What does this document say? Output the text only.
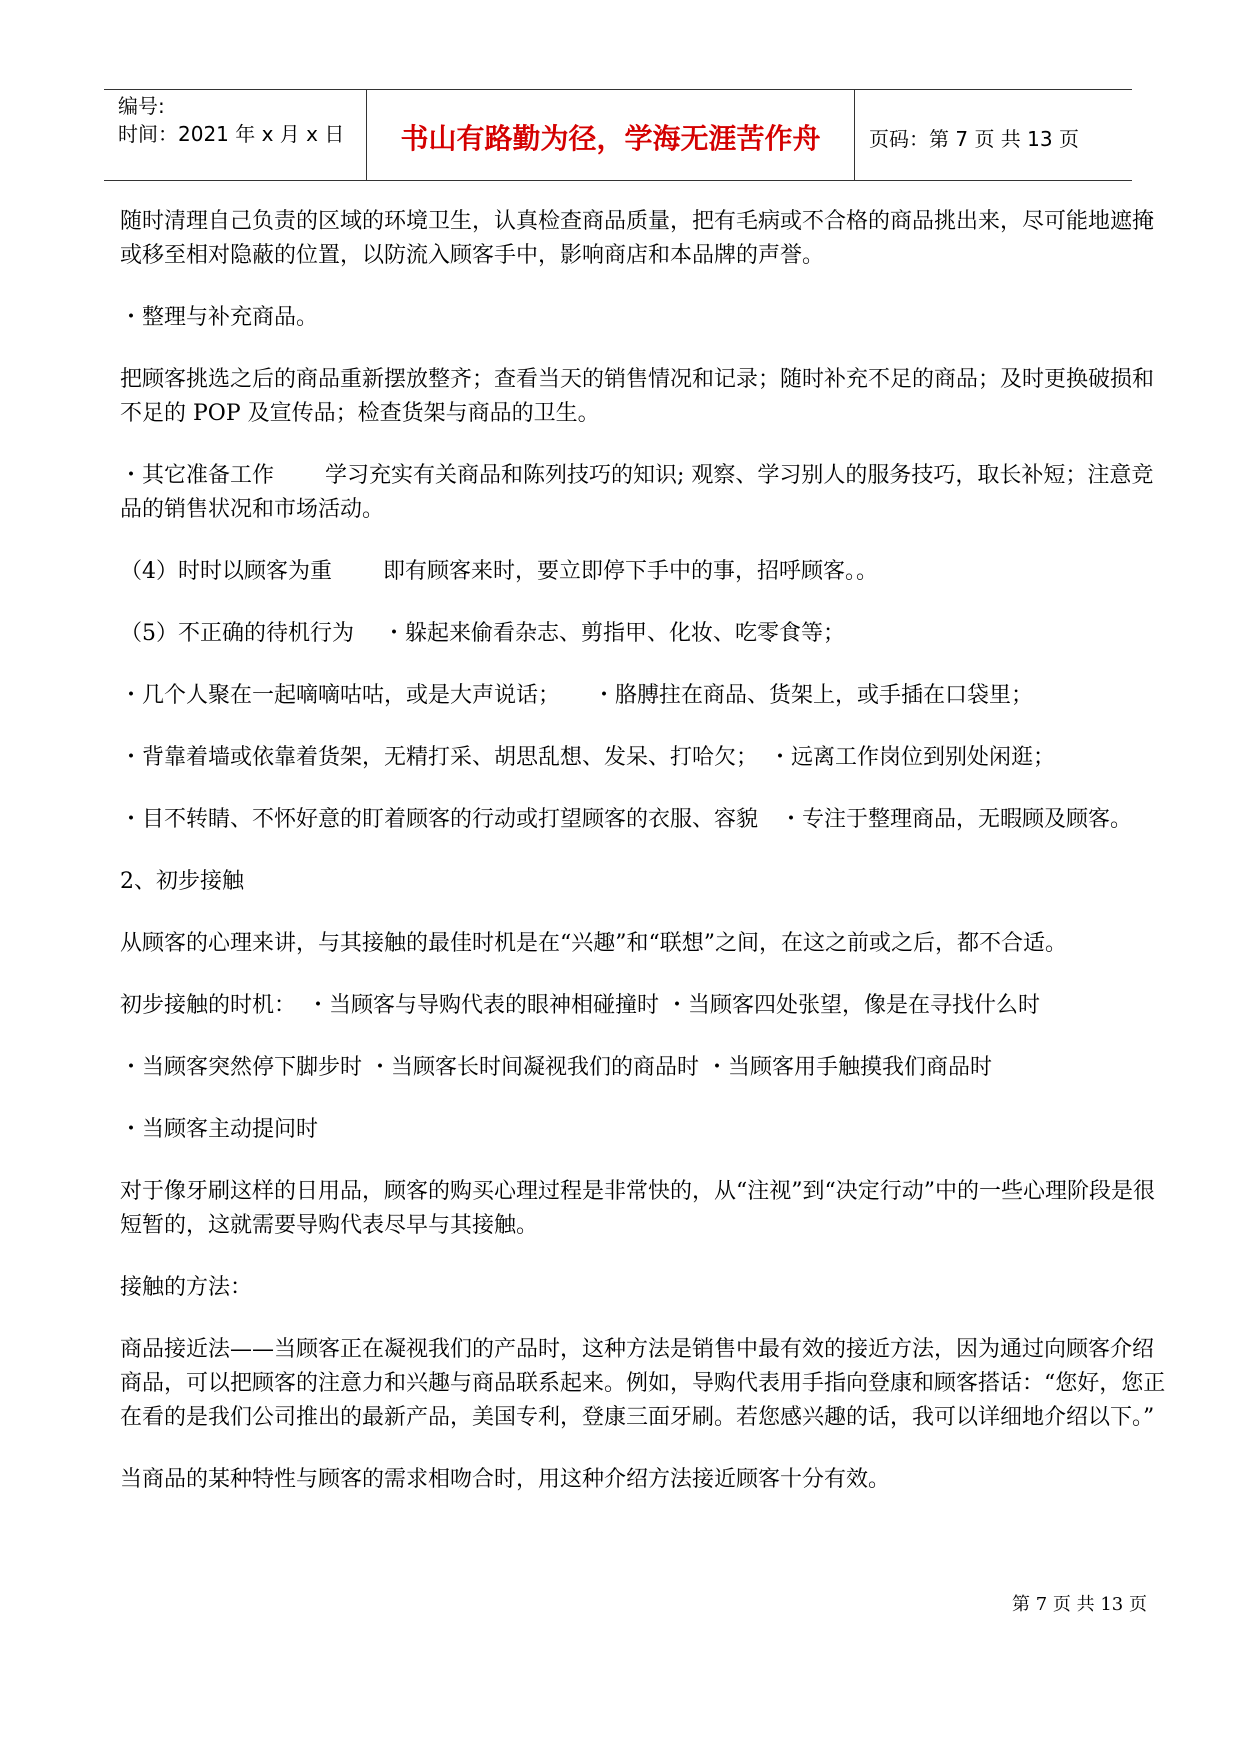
编号:
时间：2021 年 x 月 x 日	书山有路勤为径，学海无涯苦作舟	页码：第 7 页 共 13 页

随时清理自己负责的区域的环境卫生，认真检查商品质量，把有毛病或不合格的商品挑出来，尽可能地遮掩或移至相对隐蔽的位置，以防流入顾客手中，影响商店和本品牌的声誉。

・整理与补充商品。

把顾客挑选之后的商品重新摆放整齐；查看当天的销售情况和记录；随时补充不足的商品；及时更换破损和不足的 POP 及宣传品；检查货架与商品的卫生。

・其它准备工作　　 学习充实有关商品和陈列技巧的知识; 观察、学习别人的服务技巧，取长补短；注意竞品的销售状况和市场活动。

（4）时时以顾客为重　　 即有顾客来时，要立即停下手中的事，招呼顾客。。

（5）不正确的待机行为　 ・躲起来偷看杂志、剪指甲、化妆、吃零食等；

・几个人聚在一起嘀嘀咕咕，或是大声说话；　　・胳膊拄在商品、货架上，或手插在口袋里；

・背靠着墙或依靠着货架，无精打采、胡思乱想、发呆、打哈欠；　・远离工作岗位到别处闲逛；

・目不转睛、不怀好意的盯着顾客的行动或打望顾客的衣服、容貌　・专注于整理商品，无暇顾及顾客。

2、初步接触

从顾客的心理来讲，与其接触的最佳时机是在“兴趣”和“联想”之间，在这之前或之后，都不合适。

初步接触的时机：　・当顾客与导购代表的眼神相碰撞时 ・当顾客四处张望，像是在寻找什么时

・当顾客突然停下脚步时 ・当顾客长时间凝视我们的商品时 ・当顾客用手触摸我们商品时

・当顾客主动提问时

对于像牙刷这样的日用品，顾客的购买心理过程是非常快的，从“注视”到“决定行动”中的一些心理阶段是很短暂的，这就需要导购代表尽早与其接触。

接触的方法：

商品接近法——当顾客正在凝视我们的产品时，这种方法是销售中最有效的接近方法，因为通过向顾客介绍商品，可以把顾客的注意力和兴趣与商品联系起来。例如，导购代表用手指向登康和顾客搭话：“您好，您正在看的是我们公司推出的最新产品，美国专利，登康三面牙刷。若您感兴趣的话，我可以详细地介绍以下。”

当商品的某种特性与顾客的需求相吻合时，用这种介绍方法接近顾客十分有效。

第 7 页 共 13 页
